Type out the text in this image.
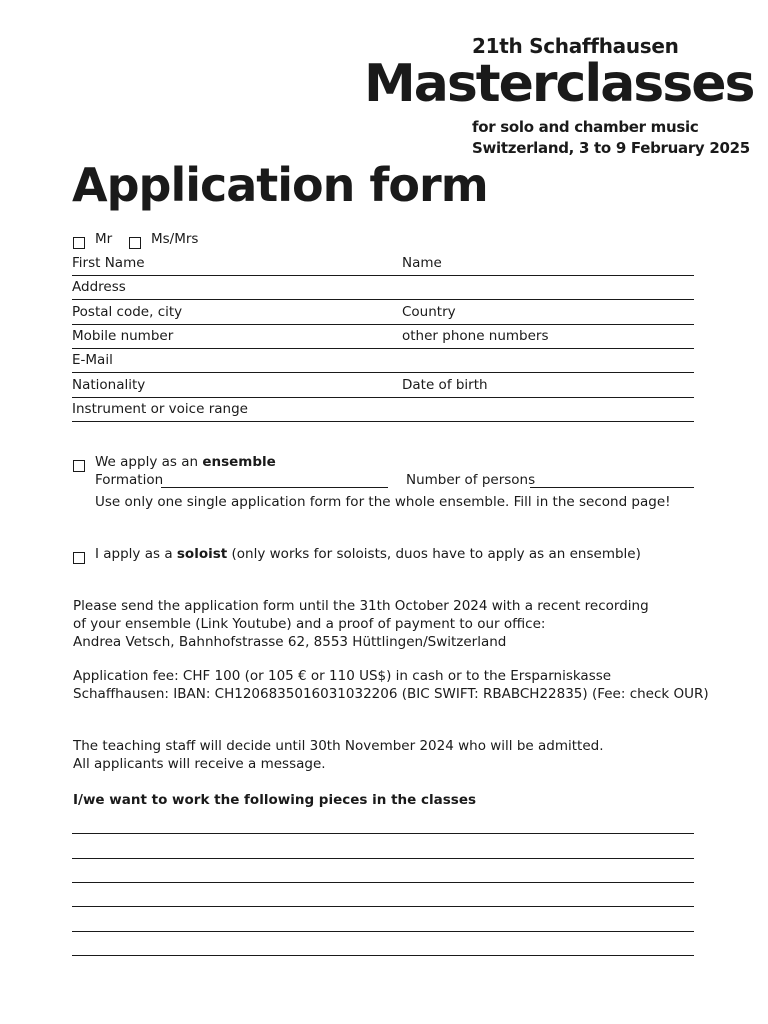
21th Schaffhausen
Masterclasses
for solo and chamber music
Switzerland, 3 to 9 February 2025
Application form
Mr	Ms/Mrs
First Name	Name
Address
Postal code, city	Country
Mobile number	other phone numbers
E-Mail
Nationality	Date of birth
Instrument or voice range
We apply as an ensemble
Formation	Number of persons
Use only one single application form for the whole ensemble. Fill in the second page!
I apply as a soloist (only works for soloists, duos have to apply as an ensemble)
Please send the application form until the 31th October 2024 with a recent recording
of your ensemble (Link Youtube) and a proof of payment to our office:
Andrea Vetsch, Bahnhofstrasse 62, 8553 Hüttlingen/Switzerland
Application fee: CHF 100 (or 105 € or 110 US$) in cash or to the Ersparniskasse
Schaffhausen: IBAN: CH1206835016031032206 (BIC SWIFT: RBABCH22835) (Fee: check OUR)
The teaching staff will decide until 30th November 2024 who will be admitted.
All applicants will receive a message.
I/we want to work the following pieces in the classes
